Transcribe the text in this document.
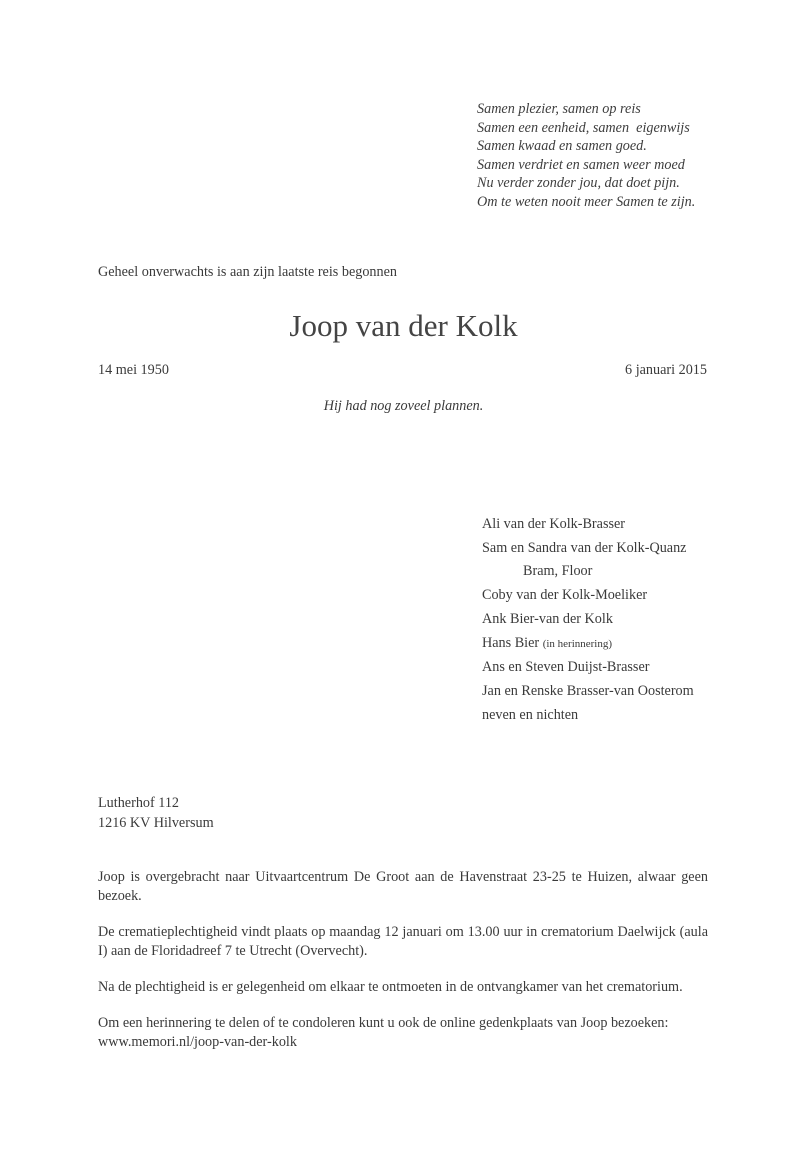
Samen plezier, samen op reis
Samen een eenheid, samen  eigenwijs
Samen kwaad en samen goed.
Samen verdriet en samen weer moed
Nu verder zonder jou, dat doet pijn.
Om te weten nooit meer Samen te zijn.
Geheel onverwachts is aan zijn laatste reis begonnen
Joop van der Kolk
14 mei 1950	6 januari 2015
Hij had nog zoveel plannen.
Ali van der Kolk-Brasser
Sam en Sandra van der Kolk-Quanz
Bram, Floor
Coby van der Kolk-Moeliker
Ank Bier-van der Kolk
Hans Bier (in herinnering)
Ans en Steven Duijst-Brasser
Jan en Renske Brasser-van Oosterom
neven en nichten
Lutherhof 112
1216 KV Hilversum
Joop is overgebracht naar Uitvaartcentrum De Groot aan de Havenstraat 23-25 te Huizen, alwaar geen bezoek.
De crematieplechtigheid vindt plaats op maandag 12 januari om 13.00 uur in crematorium Daelwijck (aula I) aan de Floridadreef 7 te Utrecht (Overvecht).
Na de plechtigheid is er gelegenheid om elkaar te ontmoeten in de ontvangkamer van het crematorium.
Om een herinnering te delen of te condoleren kunt u ook de online gedenkplaats van Joop bezoeken:
www.memori.nl/joop-van-der-kolk
